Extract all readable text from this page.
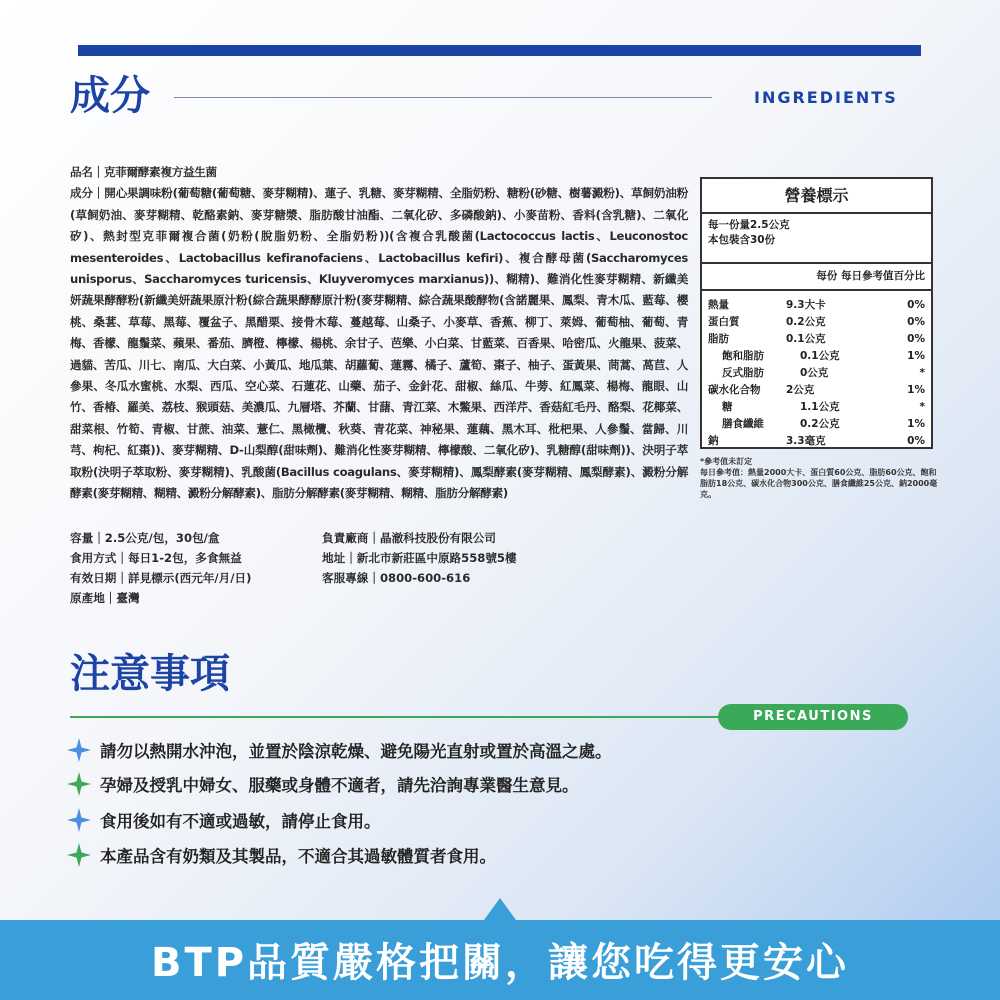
成分	INGREDIENTS

品名｜克菲爾酵素複方益生菌

成分｜開心果調味粉(葡萄糖(葡萄糖、麥芽糊精)、蓮子、乳糖、麥芽糊精、全脂奶粉、糖粉(砂糖、樹薯澱粉)、草飼奶油粉(草飼奶油、麥芽糊精、乾酪素鈉、麥芽糖漿、脂肪酸甘油酯、二氧化矽、多磷酸鈉)、小麥苗粉、香料(含乳糖)、二氧化矽)、熱封型克菲爾複合菌(奶粉(脫脂奶粉、全脂奶粉))(含複合乳酸菌(Lactococcus lactis、Leuconostoc mesenteroides、Lactobacillus kefiranofaciens、Lactobacillus kefiri)、複合酵母菌(Saccharomyces unisporus、Saccharomyces turicensis、Kluyveromyces marxianus))、糊精)、難消化性麥芽糊精、新纖美妍蔬果酵酵粉(新纖美妍蔬果原汁粉(綜合蔬果酵酵原汁粉(麥芽糊精、綜合蔬果酸酵物(含諾麗果、鳳梨、青木瓜、藍莓、櫻桃、桑葚、草莓、黑莓、覆盆子、黑醋栗、接骨木莓、蔓越莓、山桑子、小麥草、香蕉、柳丁、萊姆、葡萄柚、葡萄、青梅、香檬、龍鬚菜、蘋果、番茄、臍橙、檸檬、楊桃、余甘子、芭樂、小白菜、甘藍菜、百香果、哈密瓜、火龍果、菠菜、過貓、苦瓜、川七、南瓜、大白菜、小黃瓜、地瓜葉、胡蘿蔔、蓮霧、橘子、蘆筍、棗子、柚子、蛋黃果、茼蒿、萵苣、人參果、冬瓜水蜜桃、水梨、西瓜、空心菜、石蓮花、山藥、茄子、金針花、甜椒、絲瓜、牛蒡、紅鳳菜、楊梅、龍眼、山竹、香椿、羅美、荔枝、猴頭菇、美濃瓜、九層塔、芥蘭、甘藷、青江菜、木鱉果、西洋芹、香菇紅毛丹、酪梨、花椰菜、甜菜根、竹筍、青椒、甘蔗、油菜、薏仁、黑橄欖、秋葵、青花菜、神秘果、蓮藕、黑木耳、枇杷果、人參鬚、當歸、川芎、枸杞、紅棗))、麥芽糊精、D-山梨醇(甜味劑)、難消化性麥芽糊精、檸檬酸、二氧化矽)、乳糖醇(甜味劑))、決明子萃取粉(決明子萃取粉、麥芽糊精)、乳酸菌(Bacillus coagulans、麥芽糊精)、鳳梨酵素(麥芽糊精、鳳梨酵素)、澱粉分解酵素(麥芽糊精、糊精、澱粉分解酵素)、脂肪分解酵素(麥芽糊精、糊精、脂肪分解酵素)

容量｜2.5公克/包，30包/盒
食用方式｜每日1-2包，多食無益
有效日期｜詳見標示(西元年/月/日)
原產地｜臺灣
負責廠商｜晶澈科技股份有限公司
地址｜新北市新莊區中原路558號5樓
客服專線｜0800-600-616
營養標示
每一份量2.5公克
本包裝含30份
每份 每日參考值百分比
熱量	9.3大卡	0%
蛋白質	0.2公克	0%
脂肪	0.1公克	0%
飽和脂肪	0.1公克	1%
反式脂肪	0公克	*
碳水化合物	2公克	1%
糖	1.1公克	*
膳食纖維	0.2公克	1%
鈉	3.3毫克	0%
*參考值未訂定
每日參考值：熱量2000大卡、蛋白質60公克、脂肪60公克、飽和脂肪18公克、碳水化合物300公克、膳食纖維25公克、鈉2000毫克。
注意事項
PRECAUTIONS
請勿以熱開水沖泡，並置於陰涼乾燥、避免陽光直射或置於高溫之處。
孕婦及授乳中婦女、服藥或身體不適者，請先洽詢專業醫生意見。
食用後如有不適或過敏，請停止食用。
本產品含有奶類及其製品，不適合其過敏體質者食用。
BTP品質嚴格把關，讓您吃得更安心
